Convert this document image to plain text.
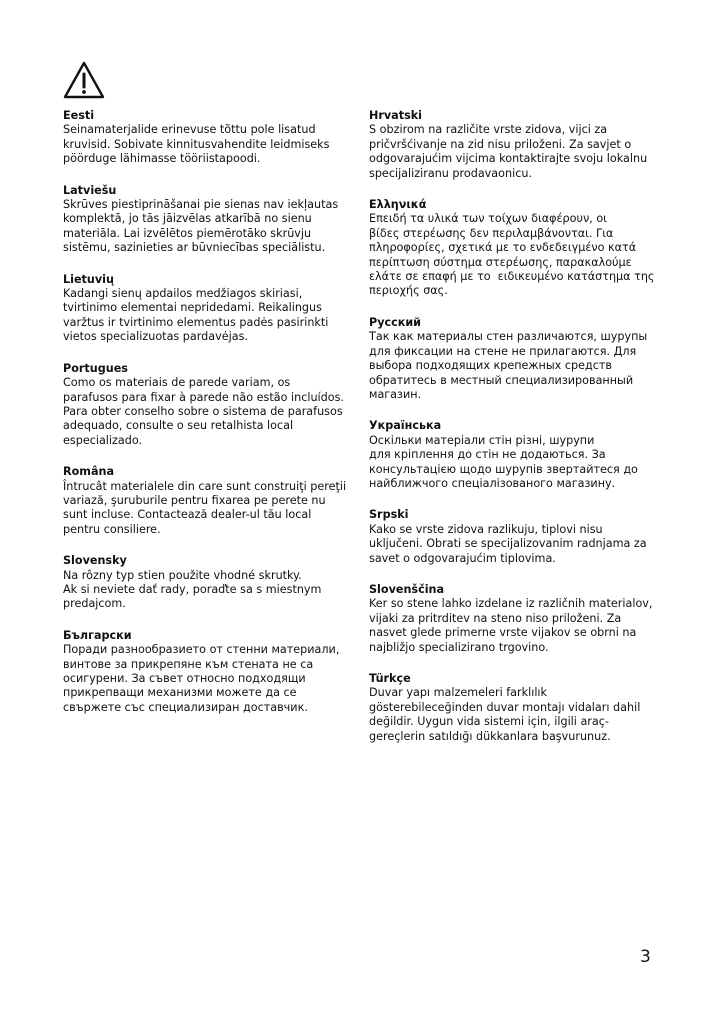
Eesti
Seinamaterjalide erinevuse tõttu pole lisatud
kruvisid. Sobivate kinnitusvahendite leidmiseks
pöörduge lähimasse tööriistapoodi.
Latviešu
Skrūves piestiprināšanai pie sienas nav iekļautas
komplektā, jo tās jāizvēlas atkarībā no sienu
materiāla. Lai izvēlētos piemērotāko skrūvju
sistēmu, sazinieties ar būvniecības speciālistu.
Lietuvių
Kadangi sienų apdailos medžiagos skiriasi,
tvirtinimo elementai nepridedami. Reikalingus
varžtus ir tvirtinimo elementus padės pasirinkti
vietos specializuotas pardavėjas.
Portugues
Como os materiais de parede variam, os
parafusos para fixar à parede não estão incluídos.
Para obter conselho sobre o sistema de parafusos
adequado, consulte o seu retalhista local
especializado.
Româna
Întrucât materialele din care sunt construiţi pereţii
variază, şuruburile pentru fixarea pe perete nu
sunt incluse. Contactează dealer-ul tău local
pentru consiliere.
Slovensky
Na rôzny typ stien použite vhodné skrutky.
Ak si neviete dať rady, poraďte sa s miestnym
predajcom.
Български
Поради разнообразието от стенни материали,
винтове за прикрепяне към стената не са
осигурени. За съвет относно подходящи
прикрепващи механизми можете да се
свържете със специализиран доставчик.
Hrvatski
S obzirom na različite vrste zidova, vijci za
pričvršćivanje na zid nisu priloženi. Za savjet o
odgovarajućim vijcima kontaktirajte svoju lokalnu
specijaliziranu prodavaonicu.
Ελληνικά
Επειδή τα υλικά των τοίχων διαφέρουν, οι
βίδες στερέωσης δεν περιλαμβάνονται. Για
πληροφορίες, σχετικά με το ενδεδειγμένο κατά
περίπτωση σύστημα στερέωσης, παρακαλούμε
ελάτε σε επαφή με το  ειδικευμένο κατάστημα της
περιοχής σας.
Русский
Так как материалы стен различаются, шурупы
для фиксации на стене не прилагаются. Для
выбора подходящих крепежных средств
обратитесь в местный специализированный
магазин.
Українська
Оскільки матеріали стін різні, шурупи
для кріплення до стін не додаються. За
консультацією щодо шурупів звертайтеся до
найближчого спеціалізованого магазину.
Srpski
Kako se vrste zidova razlikuju, tiplovi nisu
uključeni. Obrati se specijalizovanim radnjama za
savet o odgovarajućim tiplovima.
Slovenščina
Ker so stene lahko izdelane iz različnih materialov,
vijaki za pritrditev na steno niso priloženi. Za
nasvet glede primerne vrste vijakov se obrni na
najbližjo specializirano trgovino.
Türkçe
Duvar yapı malzemeleri farklılık
gösterebileceğinden duvar montajı vidaları dahil
değildir. Uygun vida sistemi için, ilgili araç-
gereçlerin satıldığı dükkanlara başvurunuz.
3
